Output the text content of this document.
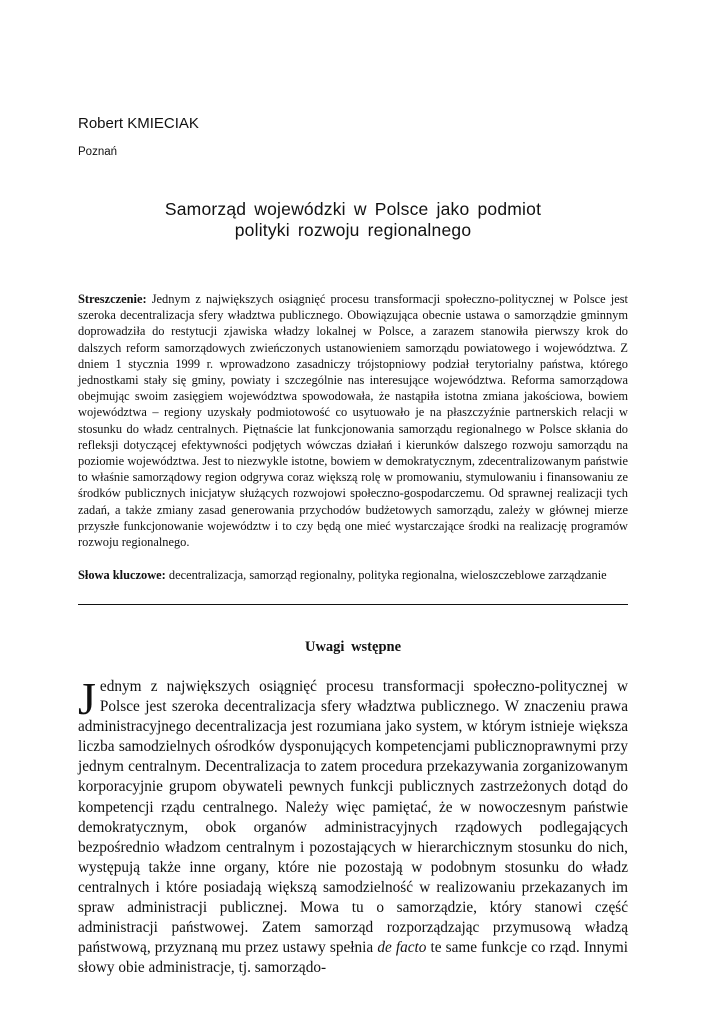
Robert KMIECIAK
Poznań
Samorząd wojewódzki w Polsce jako podmiot
polityki rozwoju regionalnego

Streszczenie: Jednym z największych osiągnięć procesu transformacji społeczno-politycznej w Polsce jest szeroka decentralizacja sfery władztwa publicznego. Obowiązująca obecnie ustawa o samorządzie gminnym doprowadziła do restytucji zjawiska władzy lokalnej w Polsce, a zarazem stanowiła pierwszy krok do dalszych reform samorządowych zwieńczonych ustanowieniem samorządu powiatowego i województwa. Z dniem 1 stycznia 1999 r. wprowadzono zasadniczy trójstopniowy podział terytorialny państwa, którego jednostkami stały się gminy, powiaty i szczególnie nas interesujące województwa. Reforma samorządowa obejmując swoim zasięgiem województwa spowodowała, że nastąpiła istotna zmiana jakościowa, bowiem województwa – regiony uzyskały podmiotowość co usytuowało je na płaszczyźnie partnerskich relacji w stosunku do władz centralnych. Piętnaście lat funkcjonowania samorządu regionalnego w Polsce skłania do refleksji dotyczącej efektywności podjętych wówczas działań i kierunków dalszego rozwoju samorządu na poziomie województwa. Jest to niezwykle istotne, bowiem w demokratycznym, zdecentralizowanym państwie to właśnie samorządowy region odgrywa coraz większą rolę w promowaniu, stymulowaniu i finansowaniu ze środków publicznych inicjatyw służących rozwojowi społeczno-gospodarczemu. Od sprawnej realizacji tych zadań, a także zmiany zasad generowania przychodów budżetowych samorządu, zależy w głównej mierze przyszłe funkcjonowanie województw i to czy będą one mieć wystarczające środki na realizację programów rozwoju regionalnego.

Słowa kluczowe: decentralizacja, samorząd regionalny, polityka regionalna, wieloszczeblowe zarządzanie

Uwagi wstępne

Jednym z największych osiągnięć procesu transformacji społeczno-politycznej w Polsce jest szeroka decentralizacja sfery władztwa publicznego. W znaczeniu prawa administracyjnego decentralizacja jest rozumiana jako system, w którym istnieje większa liczba samodzielnych ośrodków dysponujących kompetencjami publicznoprawnymi przy jednym centralnym. Decentralizacja to zatem procedura przekazywania zorganizowanym korporacyjnie grupom obywateli pewnych funkcji publicznych zastrzeżonych dotąd do kompetencji rządu centralnego. Należy więc pamiętać, że w nowoczesnym państwie demokratycznym, obok organów administracyjnych rządowych podlegających bezpośrednio władzom centralnym i pozostających w hierarchicznym stosunku do nich, występują także inne organy, które nie pozostają w podobnym stosunku do władz centralnych i które posiadają większą samodzielność w realizowaniu przekazanych im spraw administracji publicznej. Mowa tu o samorządzie, który stanowi część administracji państwowej. Zatem samorząd rozporządzając przymusową władzą państwową, przyznaną mu przez ustawy spełnia de facto te same funkcje co rząd. Innymi słowy obie administracje, tj. samorządo-
